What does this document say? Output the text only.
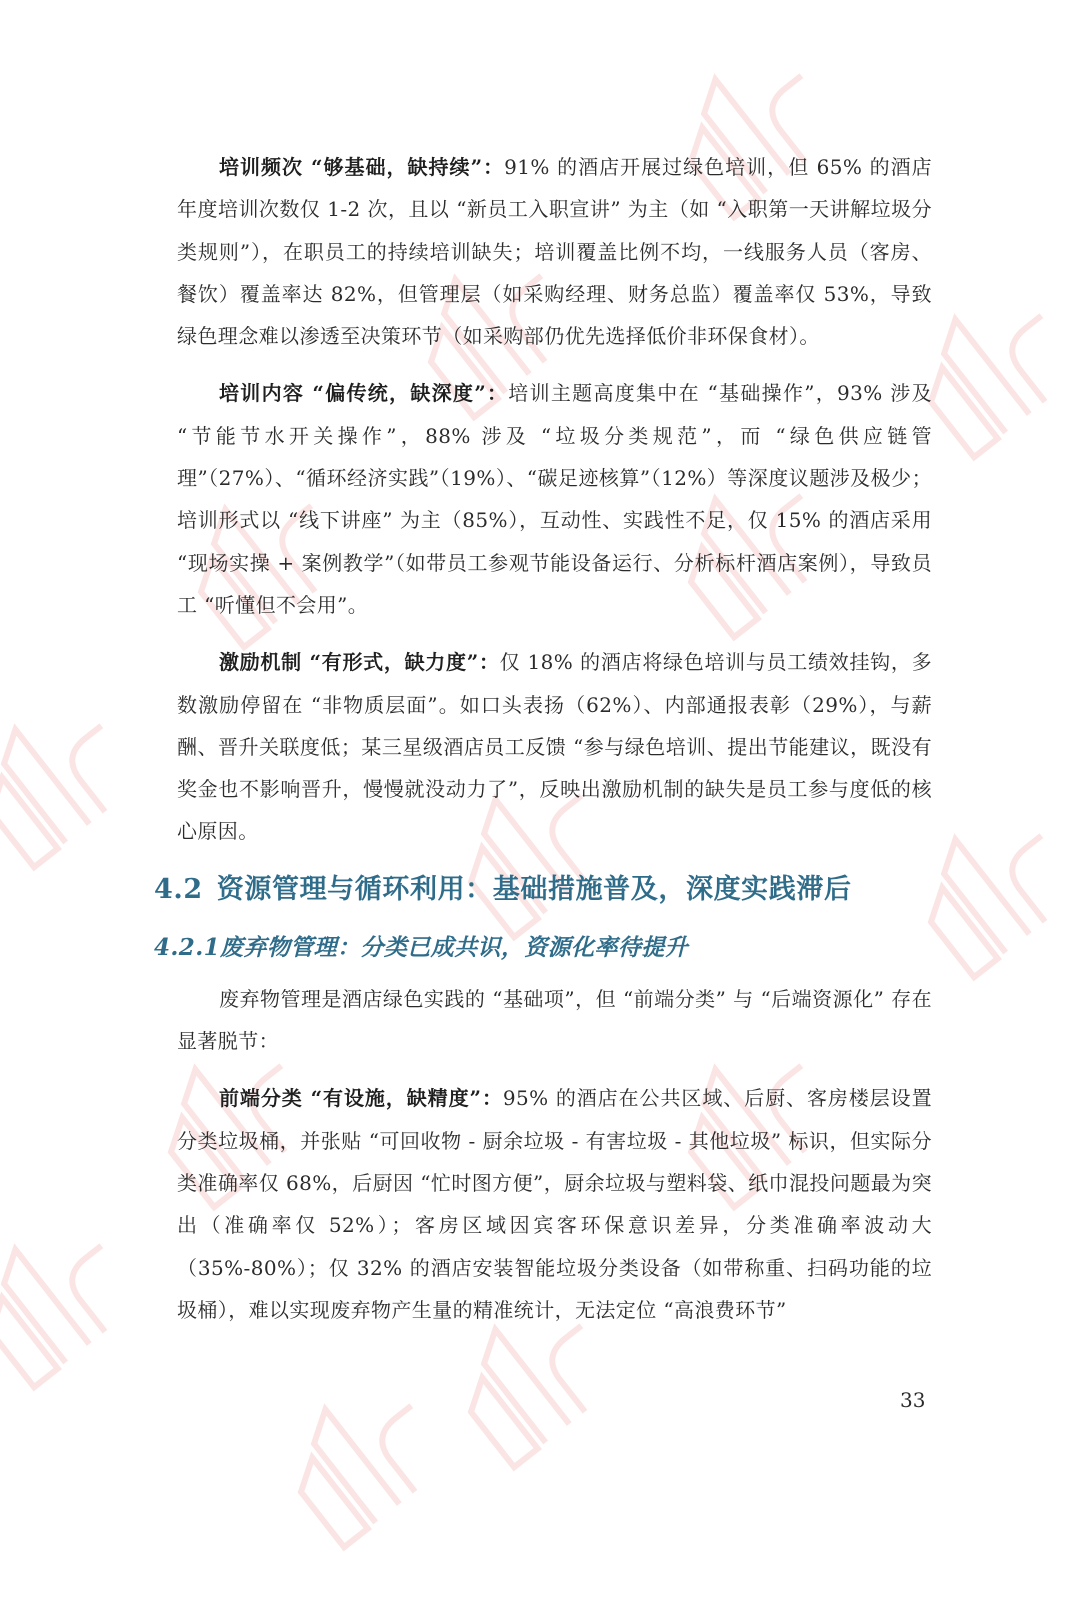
培训频次 “够基础，缺持续”：91% 的酒店开展过绿色培训，但 65% 的酒店年度培训次数仅 1-2 次，且以 “新员工入职宣讲” 为主（如 “入职第一天讲解垃圾分类规则”），在职员工的持续培训缺失；培训覆盖比例不均，一线服务人员（客房、餐饮）覆盖率达 82%，但管理层（如采购经理、财务总监）覆盖率仅 53%，导致绿色理念难以渗透至决策环节（如采购部仍优先选择低价非环保食材）。

培训内容 “偏传统，缺深度”：培训主题高度集中在 “基础操作”，93% 涉及 “节能节水开关操作”，88% 涉及 “垃圾分类规范”，而 “绿色供应链管理”（27%）、“循环经济实践”（19%）、“碳足迹核算”（12%）等深度议题涉及极少；培训形式以 “线下讲座” 为主（85%），互动性、实践性不足，仅 15% 的酒店采用 “现场实操 + 案例教学”（如带员工参观节能设备运行、分析标杆酒店案例），导致员工 “听懂但不会用”。

激励机制 “有形式，缺力度”：仅 18% 的酒店将绿色培训与员工绩效挂钩，多数激励停留在 “非物质层面”。如口头表扬（62%）、内部通报表彰（29%），与薪酬、晋升关联度低；某三星级酒店员工反馈 “参与绿色培训、提出节能建议，既没有奖金也不影响晋升，慢慢就没动力了”，反映出激励机制的缺失是员工参与度低的核心原因。

4.2 资源管理与循环利用：基础措施普及，深度实践滞后
4.2.1废弃物管理：分类已成共识，资源化率待提升

废弃物管理是酒店绿色实践的 “基础项”，但 “前端分类” 与 “后端资源化” 存在显著脱节：

前端分类 “有设施，缺精度”：95% 的酒店在公共区域、后厨、客房楼层设置分类垃圾桶，并张贴 “可回收物 - 厨余垃圾 - 有害垃圾 - 其他垃圾” 标识，但实际分类准确率仅 68%，后厨因 “忙时图方便”，厨余垃圾与塑料袋、纸巾混投问题最为突出（准确率仅 52%）；客房区域因宾客环保意识差异，分类准确率波动大（35%-80%）；仅 32% 的酒店安装智能垃圾分类设备（如带称重、扫码功能的垃圾桶），难以实现废弃物产生量的精准统计，无法定位 “高浪费环节”

33
